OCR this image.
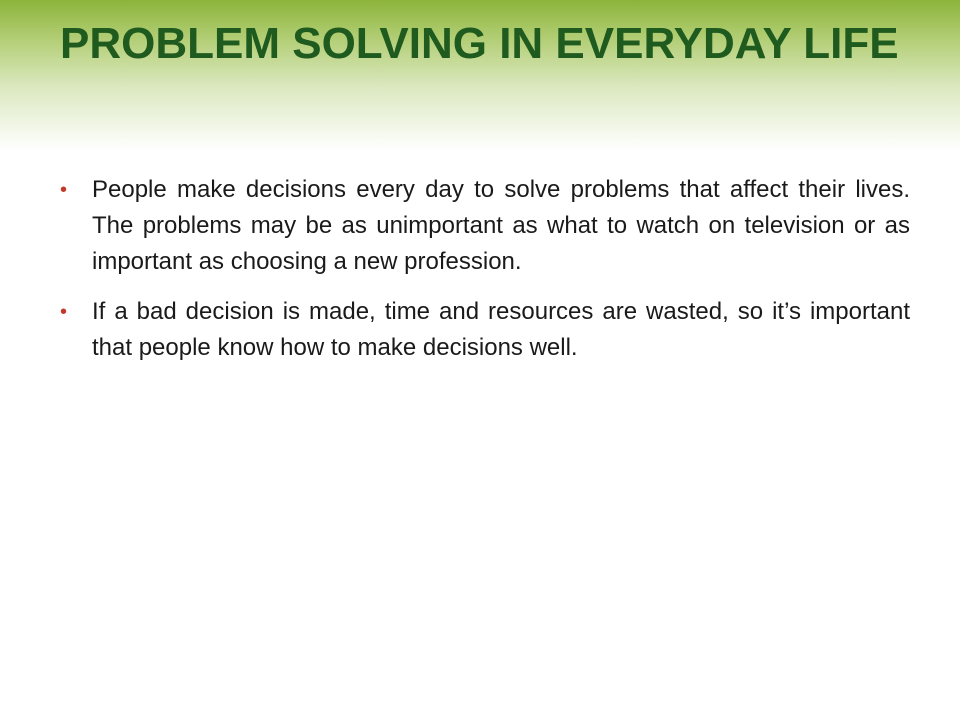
PROBLEM SOLVING IN EVERYDAY LIFE
•	People make decisions every day to solve problems that affect their lives. The problems may be as unimportant as what to watch on television or as important as choosing a new profession.
•	If a bad decision is made, time and resources are wasted, so it’s important that people know how to make decisions well.
